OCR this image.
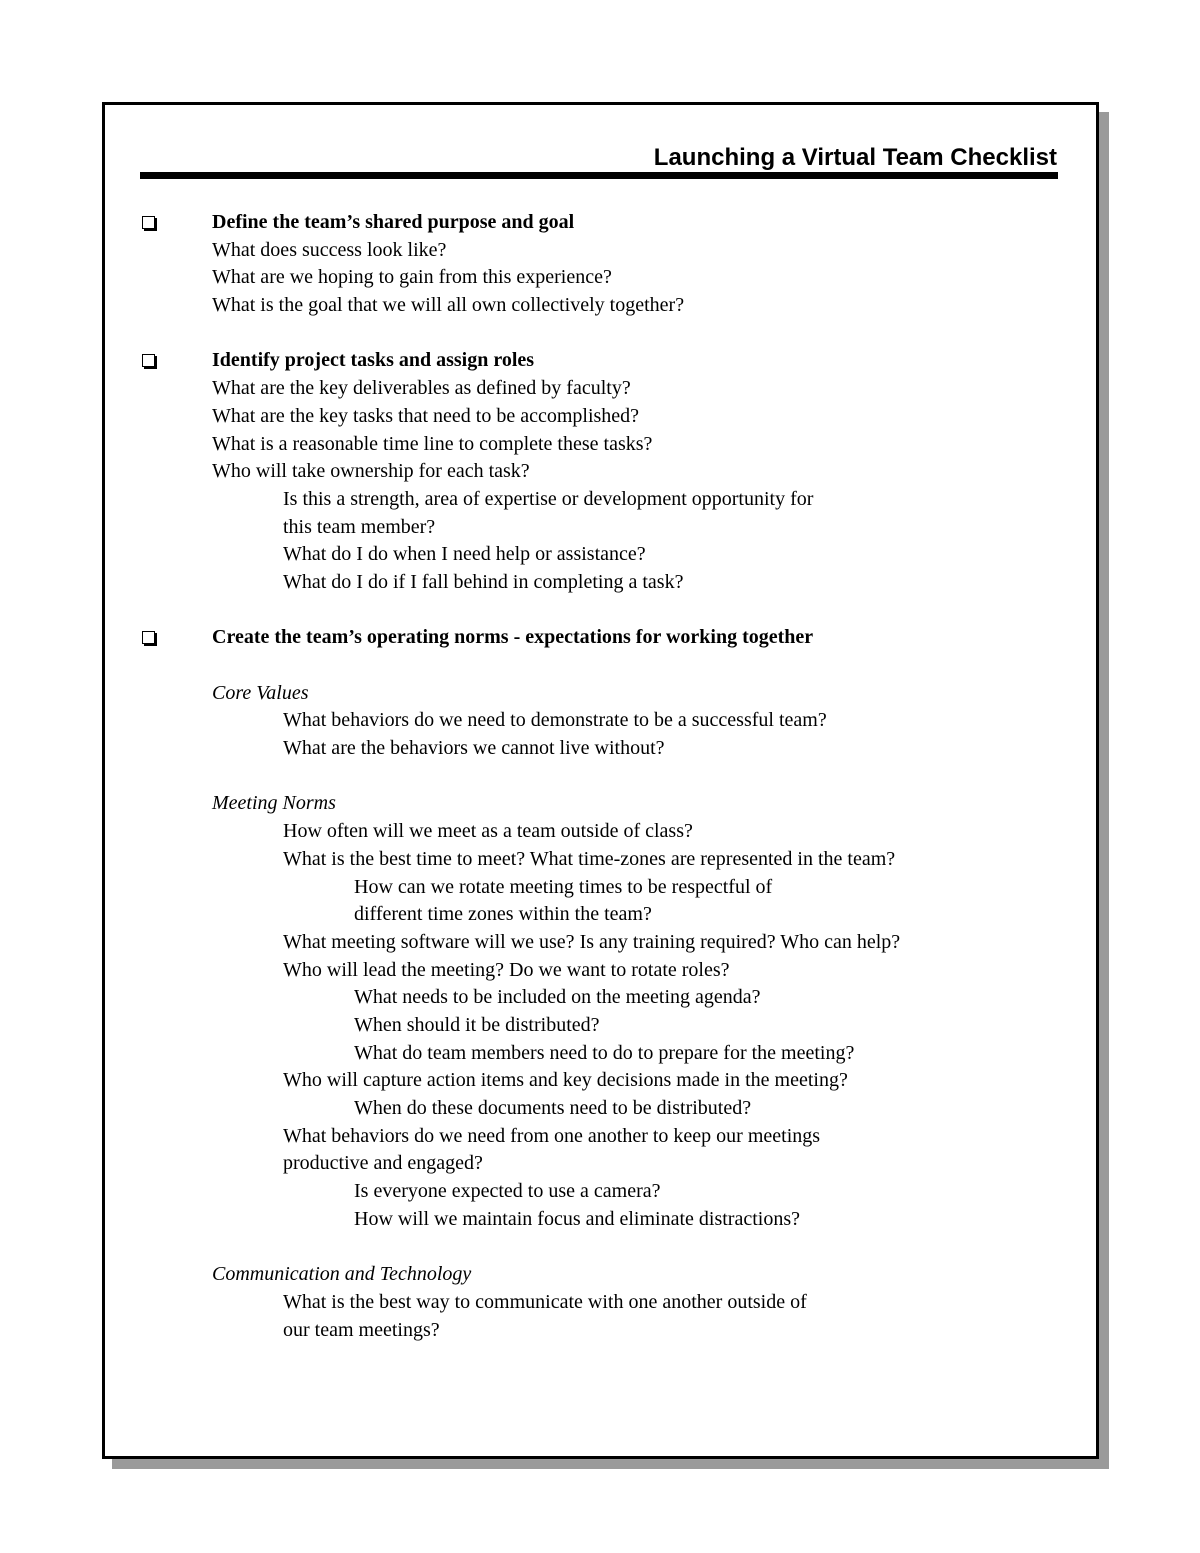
Launching a Virtual Team Checklist
Define the team’s shared purpose and goal
What does success look like?
What are we hoping to gain from this experience?
What is the goal that we will all own collectively together?
Identify project tasks and assign roles
What are the key deliverables as defined by faculty?
What are the key tasks that need to be accomplished?
What is a reasonable time line to complete these tasks?
Who will take ownership for each task?
Is this a strength, area of expertise or development opportunity for
this team member?
What do I do when I need help or assistance?
What do I do if I fall behind in completing a task?
Create the team’s operating norms - expectations for working together
Core Values
What behaviors do we need to demonstrate to be a successful team?
What are the behaviors we cannot live without?
Meeting Norms
How often will we meet as a team outside of class?
What is the best time to meet? What time-zones are represented in the team?
How can we rotate meeting times to be respectful of
different time zones within the team?
What meeting software will we use? Is any training required? Who can help?
Who will lead the meeting? Do we want to rotate roles?
What needs to be included on the meeting agenda?
When should it be distributed?
What do team members need to do to prepare for the meeting?
Who will capture action items and key decisions made in the meeting?
When do these documents need to be distributed?
What behaviors do we need from one another to keep our meetings
productive and engaged?
Is everyone expected to use a camera?
How will we maintain focus and eliminate distractions?
Communication and Technology
What is the best way to communicate with one another outside of
our team meetings?
